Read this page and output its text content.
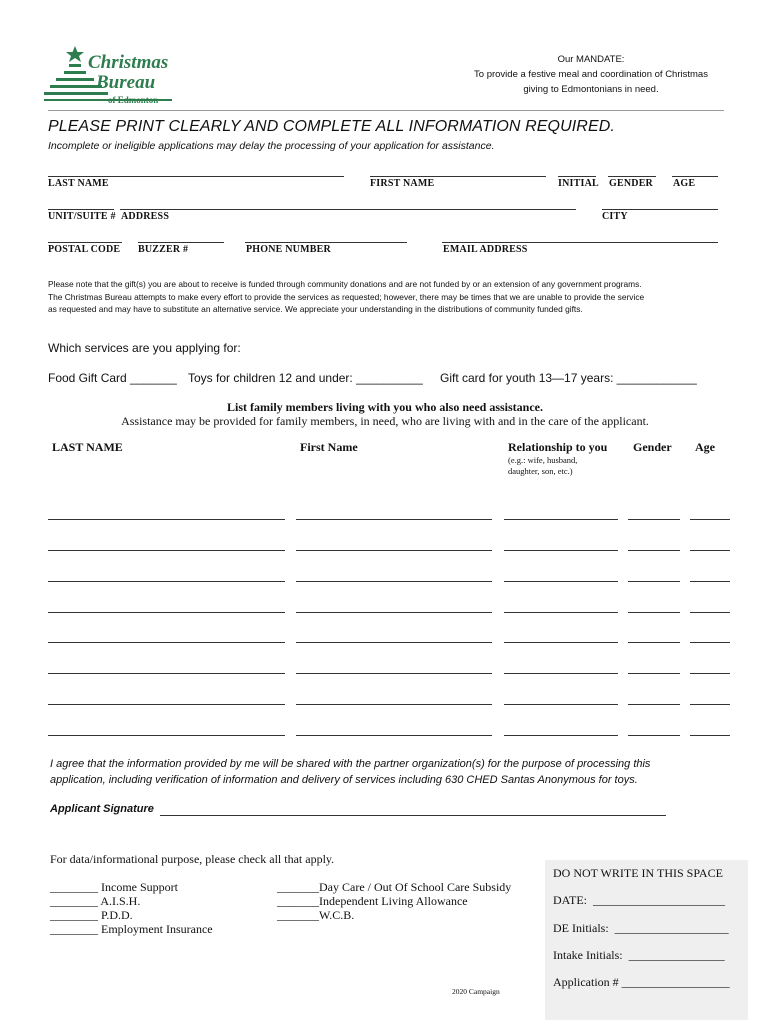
Christmas
Bureau
of Edmonton
Our MANDATE:
To provide a festive meal and coordination of Christmas
giving to Edmontonians in need.
PLEASE PRINT CLEARLY AND COMPLETE ALL INFORMATION REQUIRED.
Incomplete or ineligible applications may delay the processing of your application for assistance.
LAST NAME	FIRST NAME	INITIAL GENDER AGE
UNIT/SUITE # ADDRESS	CITY
POSTAL CODE BUZZER #	PHONE NUMBER	EMAIL ADDRESS
Please note that the gift(s) you are about to receive is funded through community donations and are not funded by or an extension of any government programs.
The Christmas Bureau attempts to make every effort to provide the services as requested; however, there may be times that we are unable to provide the service
as requested and may have to substitute an alternative service. We appreciate your understanding in the distributions of community funded gifts.
Which services are you applying for:
Food Gift Card _______ Toys for children 12 and under: __________ Gift card for youth 13—17 years: ____________
List family members living with you who also need assistance.
Assistance may be provided for family members, in need, who are living with and in the care of the applicant.
LAST NAME	First Name	Relationship to you Gender Age
(e.g.: wife, husband,
daughter, son, etc.)
I agree that the information provided by me will be shared with the partner organization(s) for the purpose of processing this
application, including verification of information and delivery of services including 630 CHED Santas Anonymous for toys.
Applicant Signature
For data/informational purpose, please check all that apply.
________ Income Support
________ A.I.S.H.
________ P.D.D.
________ Employment Insurance
_______Day Care / Out Of School Care Subsidy
_______Independent Living Allowance
_______W.C.B.
DO NOT WRITE IN THIS SPACE
DATE:  ______________________
DE Initials:  ___________________
Intake Initials:  ________________
Application # __________________
2020 Campaign
